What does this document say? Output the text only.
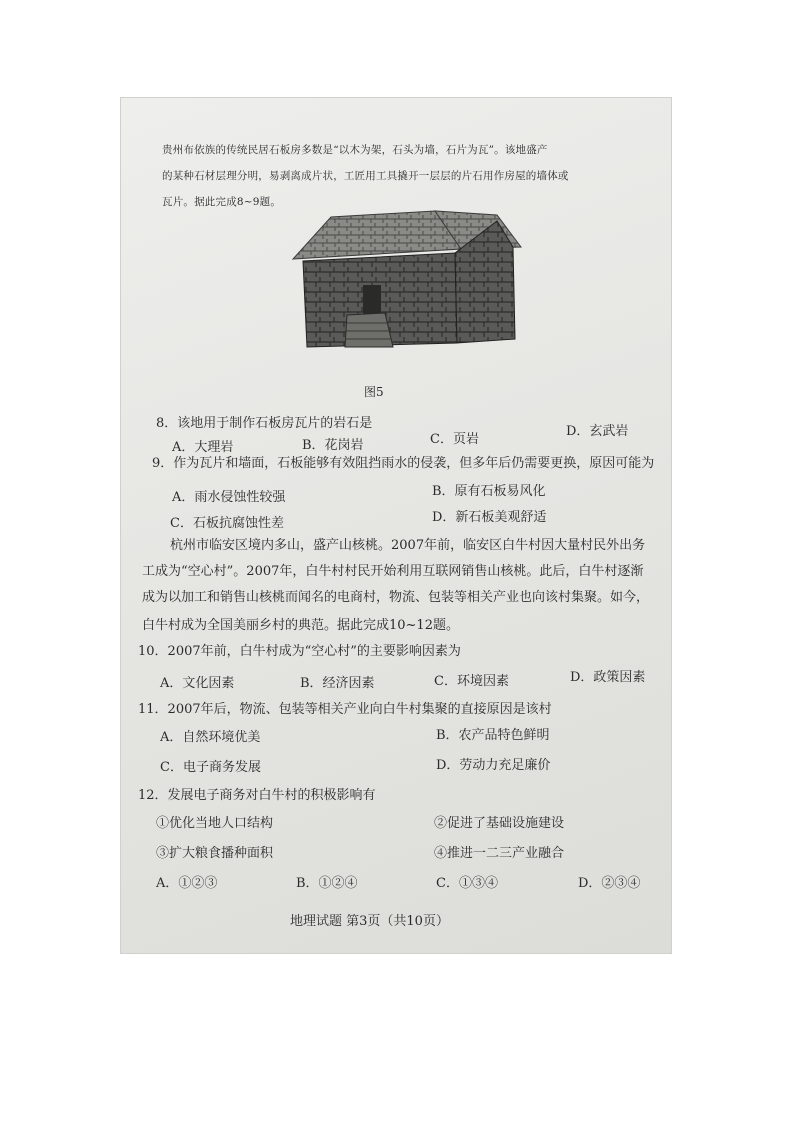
贵州布依族的传统民居石板房多数是“以木为架，石头为墙，石片为瓦”。该地盛产
的某种石材层理分明，易剥离成片状，工匠用工具撬开一层层的片石用作房屋的墙体或
瓦片。据此完成8~9题。
图5
8．该地用于制作石板房瓦片的岩石是
A．大理岩	B．花岗岩	C．页岩
D．玄武岩
9．作为瓦片和墙面，石板能够有效阻挡雨水的侵袭，但多年后仍需要更换，原因可能为
A．雨水侵蚀性较强	B．原有石板易风化
C．石板抗腐蚀性差	D．新石板美观舒适
杭州市临安区境内多山，盛产山核桃。2007年前，临安区白牛村因大量村民外出务
工成为“空心村”。2007年，白牛村村民开始利用互联网销售山核桃。此后，白牛村逐渐
成为以加工和销售山核桃而闻名的电商村，物流、包装等相关产业也向该村集聚。如今，
白牛村成为全国美丽乡村的典范。据此完成10~12题。
10．2007年前，白牛村成为“空心村”的主要影响因素为
A．文化因素	B．经济因素	C．环境因素	D．政策因素
11．2007年后，物流、包装等相关产业向白牛村集聚的直接原因是该村
A．自然环境优美	B．农产品特色鲜明
C．电子商务发展	D．劳动力充足廉价
12．发展电子商务对白牛村的积极影响有
①优化当地人口结构	②促进了基础设施建设
③扩大粮食播种面积	④推进一二三产业融合
A．①②③	B．①②④	C．①③④	D．②③④
地理试题 第3页（共10页）
